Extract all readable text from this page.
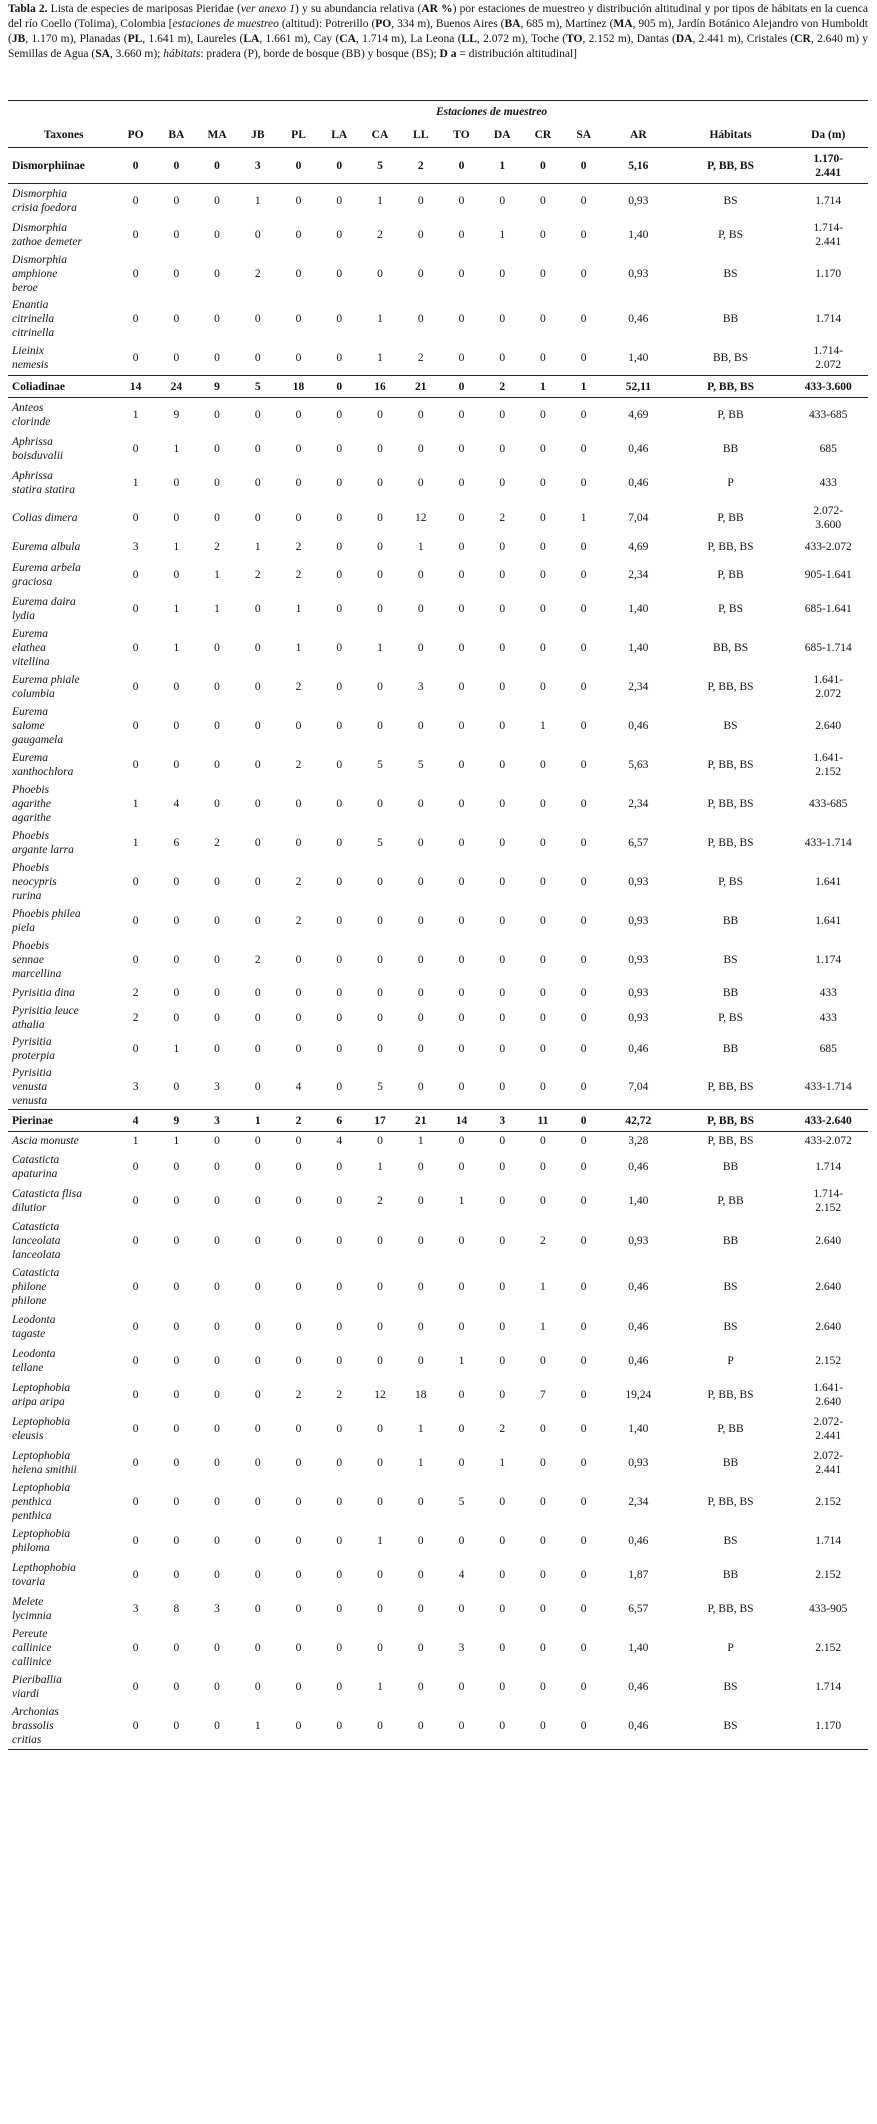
Tabla 2. Lista de especies de mariposas Pieridae (ver anexo 1) y su abundancia relativa (AR %) por estaciones de muestreo y distribución altitudinal y por tipos de hábitats en la cuenca del río Coello (Tolima), Colombia [estaciones de muestreo (altitud): Potrerillo (PO, 334 m), Buenos Aires (BA, 685 m), Martínez (MA, 905 m), Jardín Botánico Alejandro von Humboldt (JB, 1.170 m), Planadas (PL, 1.641 m), Laureles (LA, 1.661 m), Cay (CA, 1.714 m), La Leona (LL, 2.072 m), Toche (TO, 2.152 m), Dantas (DA, 2.441 m), Cristales (CR, 2.640 m) y Semillas de Agua (SA, 3.660 m); hábitats: pradera (P), borde de bosque (BB) y bosque (BS); D a = distribución altitudinal]
	Estaciones de muestreo														
Taxones	PO	BA	MA	JB	PL	LA	CA	LL	TO	DA	CR	SA	AR	Hábitats	Da (m)
Dismorphiinae	0	0	0	3	0	0	5	2	0	1	0	0	5,16	P, BB, BS	1.170-
2.441
Dismorphia
crisia foedora	0	0	0	1	0	0	1	0	0	0	0	0	0,93	BS	1.714
Dismorphia
zathoe demeter	0	0	0	0	0	0	2	0	0	1	0	0	1,40	P, BS	1.714-
2.441
Dismorphia
amphione
beroe	0	0	0	2	0	0	0	0	0	0	0	0	0,93	BS	1.170
Enantia
citrinella
citrinella	0	0	0	0	0	0	1	0	0	0	0	0	0,46	BB	1.714
Lieinix
nemesis	0	0	0	0	0	0	1	2	0	0	0	0	1,40	BB, BS	1.714-
2.072
Coliadinae	14	24	9	5	18	0	16	21	0	2	1	1	52,11	P, BB, BS	433-3.600
Anteos
clorinde	1	9	0	0	0	0	0	0	0	0	0	0	4,69	P, BB	433-685
Aphrissa
boisduvalii	0	1	0	0	0	0	0	0	0	0	0	0	0,46	BB	685
Aphrissa
statira statira	1	0	0	0	0	0	0	0	0	0	0	0	0,46	P	433
Colias dimera	0	0	0	0	0	0	0	12	0	2	0	1	7,04	P, BB	2.072-
3.600
Eurema albula	3	1	2	1	2	0	0	1	0	0	0	0	4,69	P, BB, BS	433-2.072
Eurema arbela
graciosa	0	0	1	2	2	0	0	0	0	0	0	0	2,34	P, BB	905-1.641
Eurema daira
lydia	0	1	1	0	1	0	0	0	0	0	0	0	1,40	P, BS	685-1.641
Eurema
elathea
vitellina	0	1	0	0	1	0	1	0	0	0	0	0	1,40	BB, BS	685-1.714
Eurema phiale
columbia	0	0	0	0	2	0	0	3	0	0	0	0	2,34	P, BB, BS	1.641-
2.072
Eurema
salome
gaugamela	0	0	0	0	0	0	0	0	0	0	1	0	0,46	BS	2.640
Eurema
xanthochlora	0	0	0	0	2	0	5	5	0	0	0	0	5,63	P, BB, BS	1.641-
2.152
Phoebis
agarithe
agarithe	1	4	0	0	0	0	0	0	0	0	0	0	2,34	P, BB, BS	433-685
Phoebis
argante larra	1	6	2	0	0	0	5	0	0	0	0	0	6,57	P, BB, BS	433-1.714
Phoebis
neocypris
rurina	0	0	0	0	2	0	0	0	0	0	0	0	0,93	P, BS	1.641
Phoebis philea
piela	0	0	0	0	2	0	0	0	0	0	0	0	0,93	BB	1.641
Phoebis
sennae
marcellina	0	0	0	2	0	0	0	0	0	0	0	0	0,93	BS	1.174
Pyrisitia dina	2	0	0	0	0	0	0	0	0	0	0	0	0,93	BB	433
Pyrisitia leuce
athalia	2	0	0	0	0	0	0	0	0	0	0	0	0,93	P, BS	433
Pyrisitia
proterpia	0	1	0	0	0	0	0	0	0	0	0	0	0,46	BB	685
Pyrisitia
venusta
venusta	3	0	3	0	4	0	5	0	0	0	0	0	7,04	P, BB, BS	433-1.714
Pierinae	4	9	3	1	2	6	17	21	14	3	11	0	42,72	P, BB, BS	433-2.640
Ascia monuste	1	1	0	0	0	4	0	1	0	0	0	0	3,28	P, BB, BS	433-2.072
Catasticta
apaturina	0	0	0	0	0	0	1	0	0	0	0	0	0,46	BB	1.714
Catasticta flisa
dilutior	0	0	0	0	0	0	2	0	1	0	0	0	1,40	P, BB	1.714-
2.152
Catasticta
lanceolata
lanceolata	0	0	0	0	0	0	0	0	0	0	2	0	0,93	BB	2.640
Catasticta
philone
philone	0	0	0	0	0	0	0	0	0	0	1	0	0,46	BS	2.640
Leodonta
tagaste	0	0	0	0	0	0	0	0	0	0	1	0	0,46	BS	2.640
Leodonta
tellane	0	0	0	0	0	0	0	0	1	0	0	0	0,46	P	2.152
Leptophobia
aripa aripa	0	0	0	0	2	2	12	18	0	0	7	0	19,24	P, BB, BS	1.641-
2.640
Leptophobia
eleusis	0	0	0	0	0	0	0	1	0	2	0	0	1,40	P, BB	2.072-
2.441
Leptophobia
helena smithii	0	0	0	0	0	0	0	1	0	1	0	0	0,93	BB	2.072-
2.441
Leptophobia
penthica
penthica	0	0	0	0	0	0	0	0	5	0	0	0	2,34	P, BB, BS	2.152
Leptophobia
philoma	0	0	0	0	0	0	1	0	0	0	0	0	0,46	BS	1.714
Lepthophobia
tovaria	0	0	0	0	0	0	0	0	4	0	0	0	1,87	BB	2.152
Melete
lycimnia	3	8	3	0	0	0	0	0	0	0	0	0	6,57	P, BB, BS	433-905
Pereute
callinice
callinice	0	0	0	0	0	0	0	0	3	0	0	0	1,40	P	2.152
Pieriballia
viardi	0	0	0	0	0	0	1	0	0	0	0	0	0,46	BS	1.714
Archonias
brassolis
critias	0	0	0	1	0	0	0	0	0	0	0	0	0,46	BS	1.170
